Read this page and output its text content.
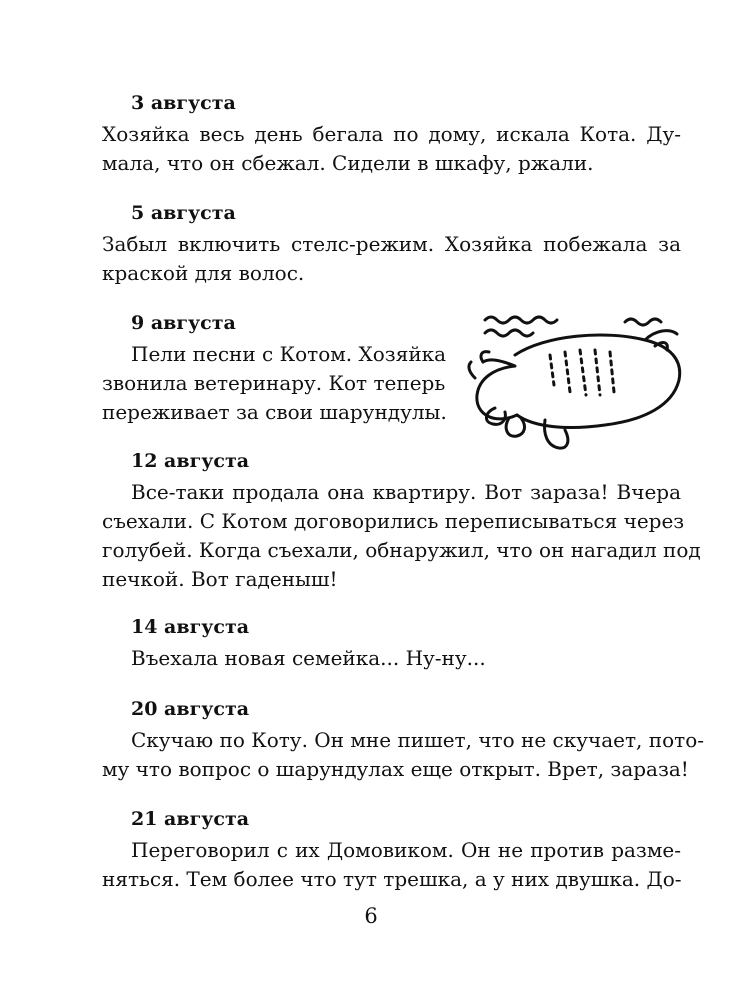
3 августа

Хозяйка весь день бегала по дому, искала Кота. Ду-
мала, что он сбежал. Сидели в шкафу, ржали.

5 августа

Забыл включить стелс-режим. Хозяйка побежала за
краской для волос.

9 августа

Пели песни с Котом. Хозяйка
звонила ветеринару. Кот теперь
переживает за свои шарундулы.

12 августа

Все-таки продала она квартиру. Вот зараза! Вчера
съехали. С Котом договорились переписываться через
голубей. Когда съехали, обнаружил, что он нагадил под
печкой. Вот гаденыш!

14 августа

Въехала новая семейка... Ну-ну...

20 августа

Скучаю по Коту. Он мне пишет, что не скучает, пото-
му что вопрос о шарундулах еще открыт. Врет, зараза!

21 августа

Переговорил с их Домовиком. Он не против разме-
няться. Тем более что тут трешка, а у них двушка. До-

6
